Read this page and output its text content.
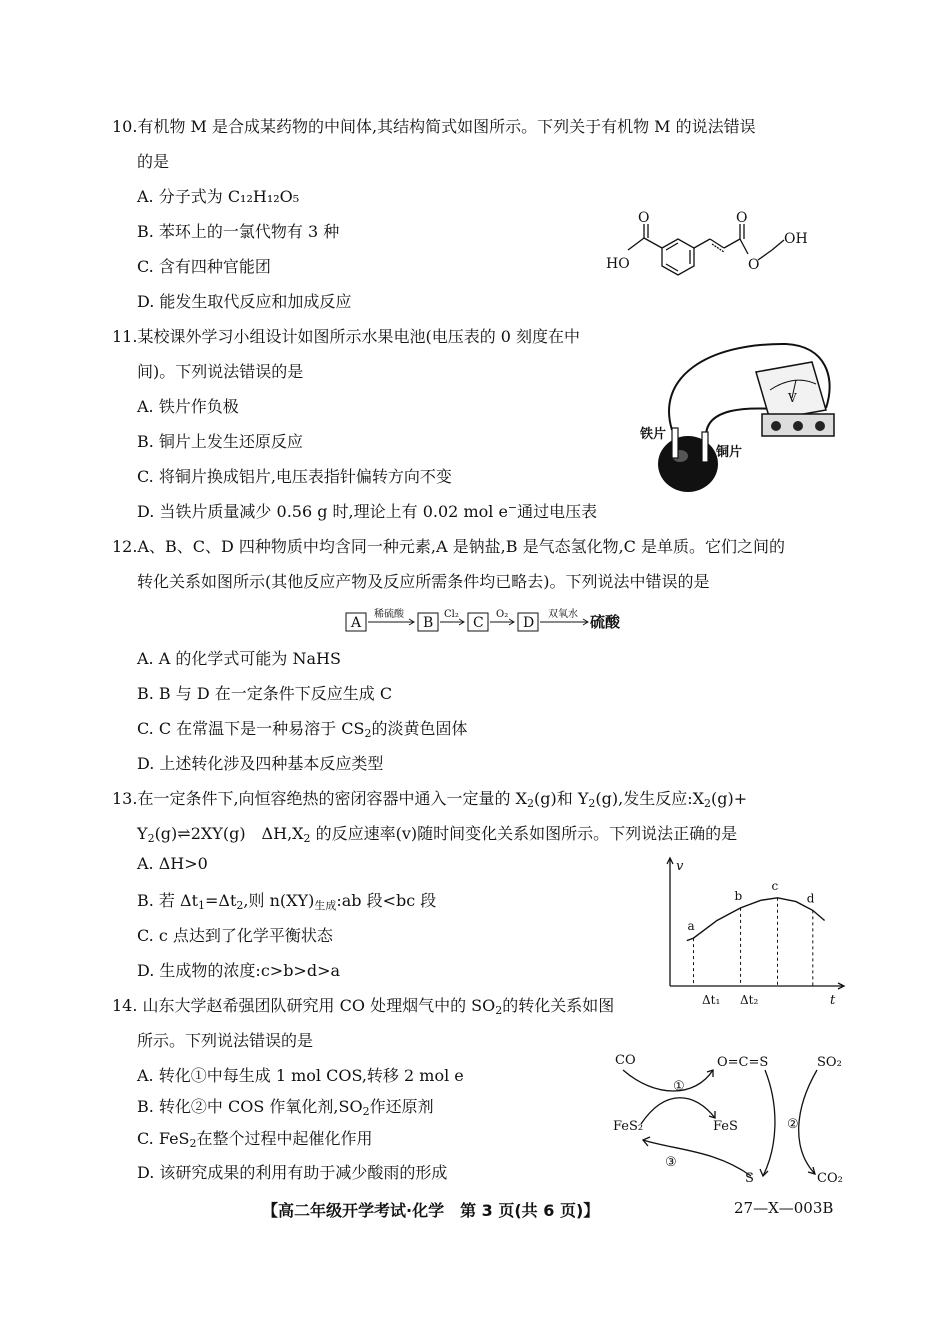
10.有机物 M 是合成某药物的中间体,其结构简式如图所示。下列关于有机物 M 的说法错误
的是
A. 分子式为 C₁₂H₁₂O₅
B. 苯环上的一氯代物有 3 种
C. 含有四种官能团
D. 能发生取代反应和加成反应
O	O
HO	O
OH
11.某校课外学习小组设计如图所示水果电池(电压表的 0 刻度在中
间)。下列说法错误的是
A. 铁片作负极
B. 铜片上发生还原反应
C. 将铜片换成铝片,电压表指针偏转方向不变
D. 当铁片质量减少 0.56 g 时,理论上有 0.02 mol e−通过电压表
V
铁片
铜片
12.A、B、C、D 四种物质中均含同一种元素,A 是钠盐,B 是气态氢化物,C 是单质。它们之间的
转化关系如图所示(其他反应产物及反应所需条件均已略去)。下列说法中错误的是
A	B	C	D
稀硫酸	Cl₂	O₂	双氧水 硫酸
A. A 的化学式可能为 NaHS
B. B 与 D 在一定条件下反应生成 C
C. C 在常温下是一种易溶于 $CS_2$的淡黄色固体
D. 上述转化涉及四种基本反应类型
13.在一定条件下,向恒容绝热的密闭容器中通入一定量的 $X_2(g)$和 $Y_2(g)$,发生反应$:X_2(g)+$
$Y_2(g)\rightleftharpoons 2XY(g)$　$\Delta H,X_2$ 的反应速率(v)随时间变化关系如图所示。下列说法正确的是
A. ΔH>0
B. 若 $\Delta t_1=\Delta t_2$,则 $n(XY)_{生成}:ab$ 段<bc 段
C. c 点达到了化学平衡状态
D. 生成物的浓度:c>b>d>a
a
b
c
d
v
t
Δt₁ Δt₂
14. 山东大学赵希强团队研究用 CO 处理烟气中的 $SO_2$的转化关系如图
所示。下列说法错误的是
A. 转化①中每生成 1 mol COS,转移 2 mol e
B. 转化②中 COS 作氧化剂$,SO_2$作还原剂
C. FeS$_2$在整个过程中起催化作用
D. 该研究成果的利用有助于减少酸雨的形成
CO	O=C=S	SO₂
FeS₂	FeS
S	CO₂
①
②
③
【高二年级开学考试·化学　第 3 页(共 6 页)】	27—X—003B
